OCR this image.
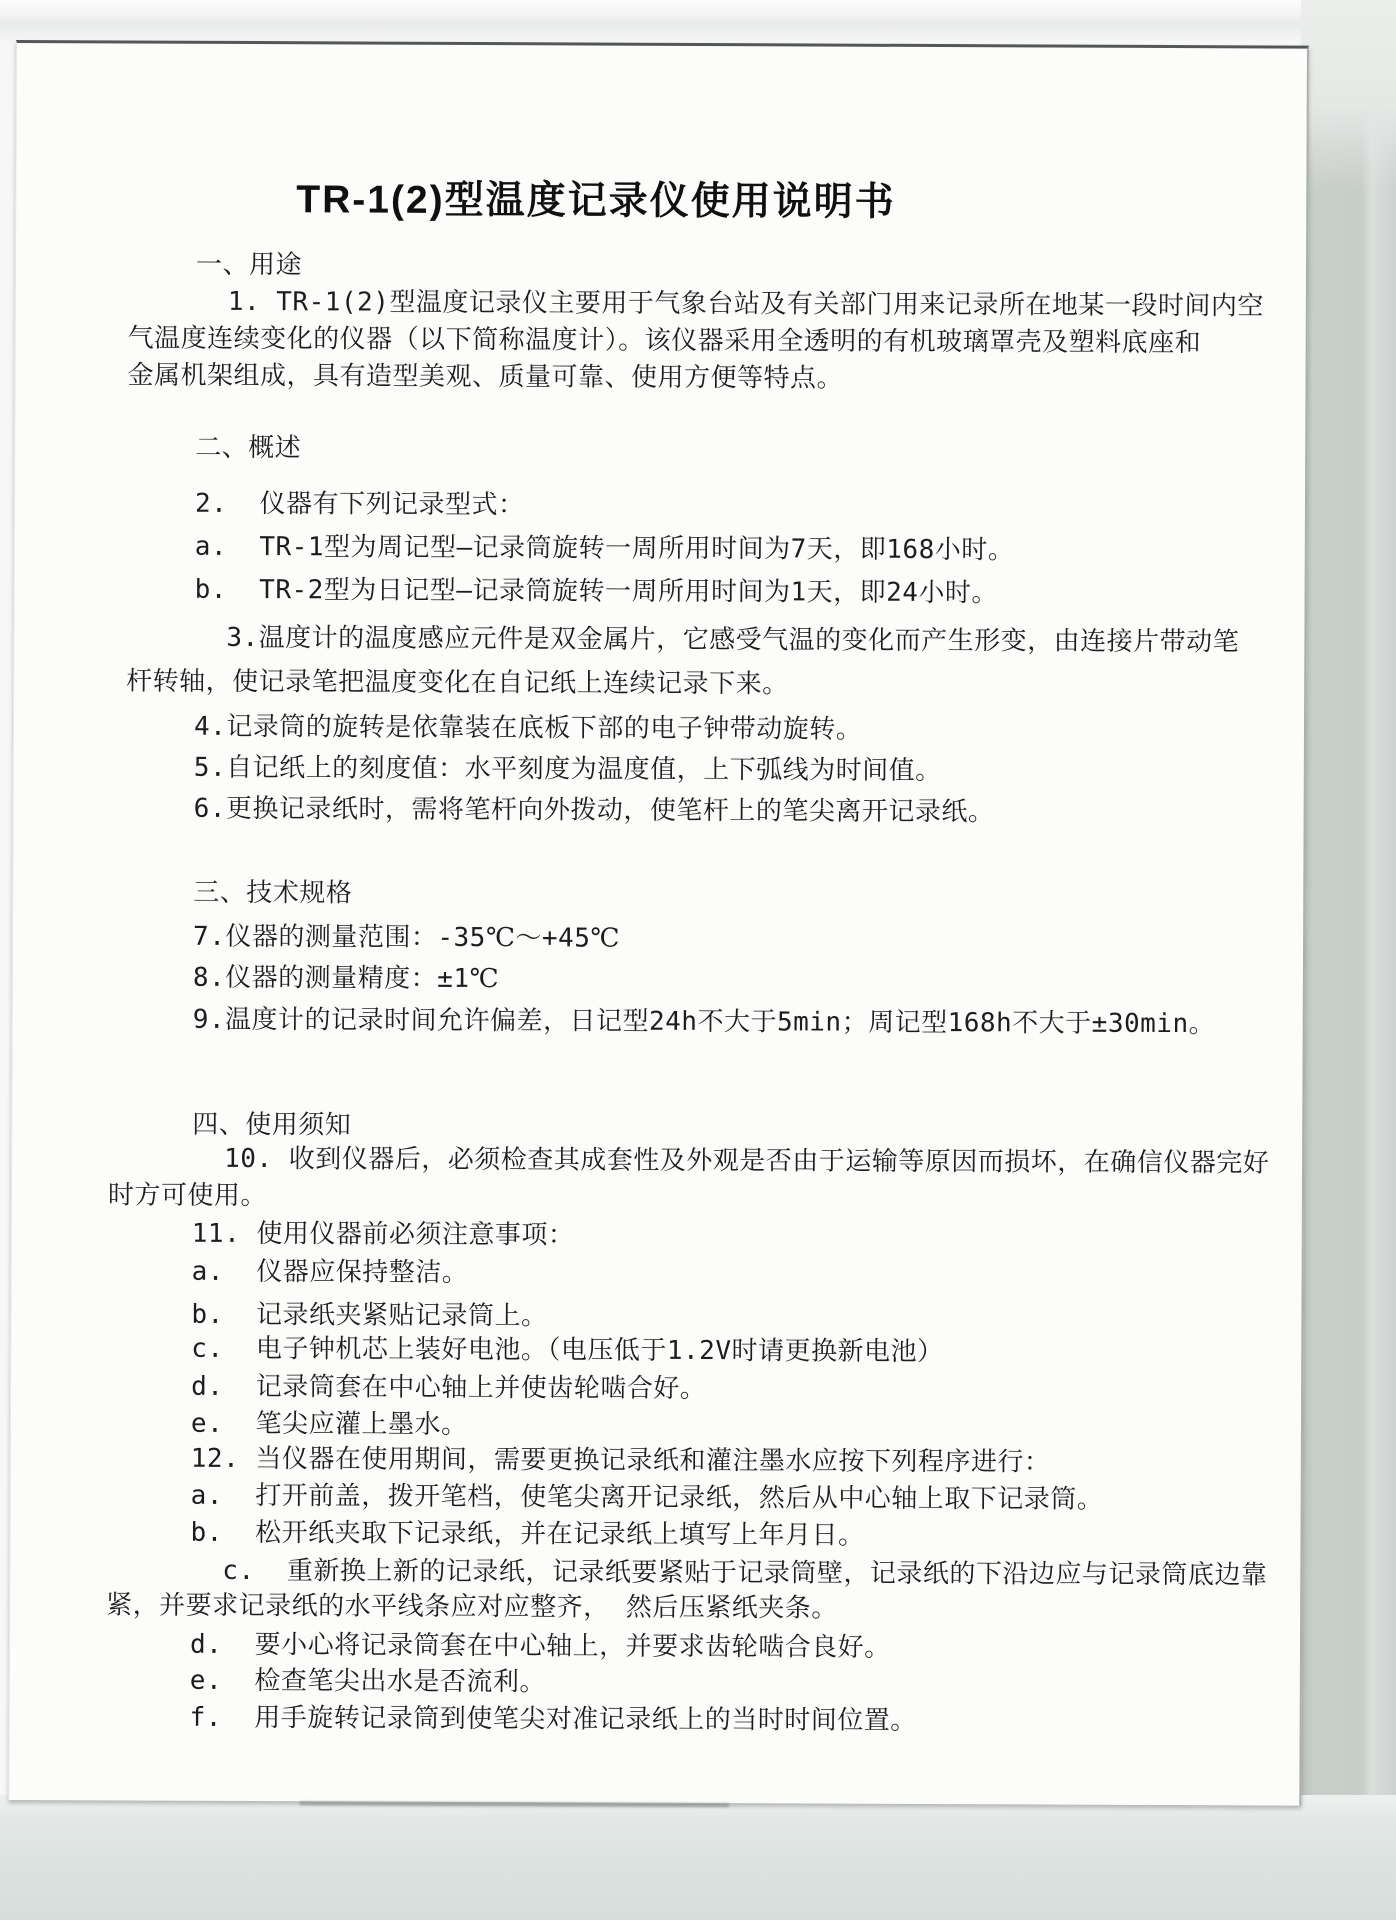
TR-1(2)型温度记录仪使用说明书
一、用途
1. TR-1(2)型温度记录仪主要用于气象台站及有关部门用来记录所在地某一段时间内空
气温度连续变化的仪器（以下简称温度计）。该仪器采用全透明的有机玻璃罩壳及塑料底座和
金属机架组成，具有造型美观、质量可靠、使用方便等特点。
二、概述
2.  仪器有下列记录型式：
a.  TR-1型为周记型—记录筒旋转一周所用时间为7天，即168小时。
b.  TR-2型为日记型—记录筒旋转一周所用时间为1天，即24小时。
3.温度计的温度感应元件是双金属片，它感受气温的变化而产生形变，由连接片带动笔
杆转轴，使记录笔把温度变化在自记纸上连续记录下来。
4.记录筒的旋转是依靠装在底板下部的电子钟带动旋转。
5.自记纸上的刻度值：水平刻度为温度值，上下弧线为时间值。
6.更换记录纸时，需将笔杆向外拨动，使笔杆上的笔尖离开记录纸。
三、技术规格
7.仪器的测量范围：-35℃～+45℃
8.仪器的测量精度：±1℃
9.温度计的记录时间允许偏差，日记型24h不大于5min；周记型168h不大于±30min。
四、使用须知
10. 收到仪器后，必须检查其成套性及外观是否由于运输等原因而损坏，在确信仪器完好
时方可使用。
11. 使用仪器前必须注意事项：
a.  仪器应保持整洁。
b.  记录纸夹紧贴记录筒上。
c.  电子钟机芯上装好电池。（电压低于1.2V时请更换新电池）
d.  记录筒套在中心轴上并使齿轮啮合好。
e.  笔尖应灌上墨水。
12. 当仪器在使用期间，需要更换记录纸和灌注墨水应按下列程序进行：
a.  打开前盖，拨开笔档，使笔尖离开记录纸，然后从中心轴上取下记录筒。
b.  松开纸夹取下记录纸，并在记录纸上填写上年月日。
c.  重新换上新的记录纸，记录纸要紧贴于记录筒壁，记录纸的下沿边应与记录筒底边靠
紧，并要求记录纸的水平线条应对应整齐， 然后压紧纸夹条。
d.  要小心将记录筒套在中心轴上，并要求齿轮啮合良好。
e.  检查笔尖出水是否流利。
f.  用手旋转记录筒到使笔尖对准记录纸上的当时时间位置。
